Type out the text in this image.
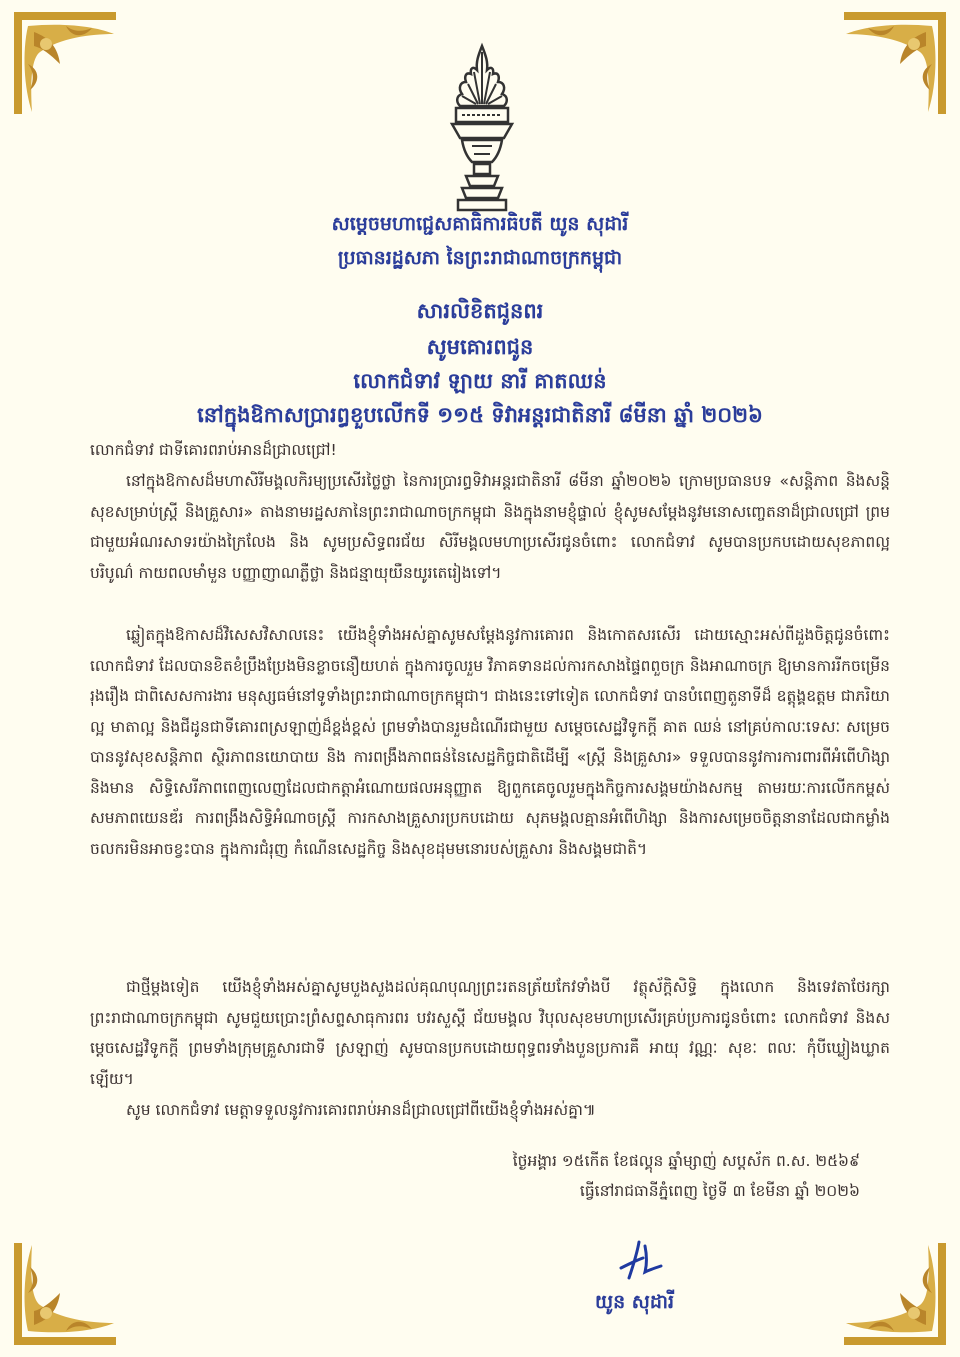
សម្តេចមហាជ្ជេសគាធិការធិបតី យូន សុដារី
ប្រធានរដ្ឋសភា នៃព្រះរាជាណាចក្រកម្ពុជា
សារលិខិតជូនពរ
សូមគោរពជូន
លោកជំទាវ ឡាយ នារី គាតឈន់
នៅក្នុងឱកាសប្រារព្ធខួបលើកទី ១១៥ ទិវាអន្តរជាតិនារី ៨មីនា ឆ្នាំ ២០២៦
លោកជំទាវ ជាទីគោរពរាប់អានដ៏ជ្រាលជ្រៅ!
នៅក្នុងឱកាសដ៏មហាសិរីមង្គលកិរម្យប្រសើរថ្លៃថ្លា នៃការប្រារព្ធទិវាអន្តរជាតិនារី ៨មីនា ឆ្នាំ២០២៦ ក្រោមប្រធានបទ «សន្តិភាព និងសន្តិសុខសម្រាប់ស្ត្រី និងគ្រួសារ» តាងនាមរដ្ឋសភានៃព្រះរាជាណាចក្រកម្ពុជា និងក្នុងនាមខ្ញុំផ្ទាល់ ខ្ញុំសូមសម្តែងនូវមនោសញ្ចេតនាដ៏ជ្រាលជ្រៅ ព្រមជាមួយអំណរសាទរយ៉ាងក្រៃលែង និង សូមប្រសិទ្ធពរជ័យ សិរីមង្គលមហាប្រសើរជូនចំពោះ លោកជំទាវ សូមបានប្រកបដោយសុខភាពល្អបរិបូណ៌ កាយពលមាំមួន បញ្ញាញាណភ្លឺថ្លា និងជន្មាយុយឺនយូរតេរៀងទៅ។
ឆ្លៀតក្នុងឱកាសដ៏វិសេសវិសាលនេះ យើងខ្ញុំទាំងអស់គ្នាសូមសម្តែងនូវការគោរព និងកោតសរសើរ ដោយស្មោះអស់ពីដួងចិត្តជូនចំពោះ លោកជំទាវ ដែលបានខិតខំប្រឹងប្រែងមិនខ្លាចនឿយហត់ ក្នុងការចូលរួម វិភាគទានដល់ការកសាងផ្ទៃពពួចក្រ និងអាណាចក្រ ឱ្យមានការរីកចម្រើនរុងរឿង ជាពិសេសការងារ មនុស្សធម៌នៅទូទាំងព្រះរាជាណាចក្រកម្ពុជា។ ជាងនេះទៅទៀត លោកជំទាវ បានបំពេញតួនាទីដ៏ ឧត្តុង្គឧត្តម ជាភរិយាល្អ មាតាល្អ និងជីដូនជាទីគោរពស្រឡាញ់ដ៏ខ្ពង់ខ្ពស់ ព្រមទាំងបានរួមដំណើរជាមួយ សម្តេចសេដ្ឋវិទូកក្តី គាត ឈន់ នៅគ្រប់កាលៈទេសៈ សម្រេចបាននូវសុខសន្តិភាព ស្ថិរភាពនយោបាយ និង ការពង្រឹងភាពធន់នៃសេដ្ឋកិច្ចជាតិដើម្បី «ស្ត្រី និងគ្រួសារ» ទទួលបាននូវការការពារពីអំពើហិង្សា និងមាន សិទ្ធិសេរីភាពពេញលេញដែលជាកត្តាអំណោយផលអនុញ្ញាត ឱ្យពួកគេចូលរួមក្នុងកិច្ចការសង្គមយ៉ាងសកម្ម តាមរយៈការលើកកម្ពស់សមភាពយេនឌ័រ ការពង្រឹងសិទ្ធិអំណាចស្ត្រី ការកសាងគ្រួសារប្រកបដោយ សុភមង្គលគ្មានអំពើហិង្សា និងការសម្រេចចិត្តនានាដែលជាកម្លាំងចលករមិនអាចខ្វះបាន ក្នុងការជំរុញ កំណើនសេដ្ឋកិច្ច និងសុខដុមមនោរបស់គ្រួសារ និងសង្គមជាតិ។
ជាថ្មីម្តងទៀត យើងខ្ញុំទាំងអស់គ្នាសូមបួងសួងដល់គុណបុណ្យព្រះរតនត្រ័យកែវទាំងបី វត្ថុស័ក្តិសិទ្ធិ ក្នុងលោក និងទេវតាថែរក្សាព្រះរាជាណាចក្រកម្ពុជា សូមជួយប្រោះព្រំសព្ទសាធុការពរ បវរសួស្តី ជ័យមង្គល វិបុលសុខមហាប្រសើរគ្រប់ប្រការជូនចំពោះ លោកជំទាវ និងសម្តេចសេដ្ឋវិទូកក្តី ព្រមទាំងក្រុមគ្រួសារជាទី ស្រឡាញ់ សូមបានប្រកបដោយពុទ្ធពរទាំងបួនប្រការគឺ អាយុ វណ្ណៈ សុខៈ ពលៈ កុំបីឃ្លៀងឃ្លាតឡើយ។
សូម លោកជំទាវ មេត្តាទទួលនូវការគោរពរាប់អានដ៏ជ្រាលជ្រៅពីយើងខ្ញុំទាំងអស់គ្នា៕
ថ្ងៃអង្គារ ១៥កើត ខែផល្គុន ឆ្នាំម្សាញ់ សប្តស័ក ព.ស. ២៥៦៩
ធ្វើនៅរាជធានីភ្នំពេញ ថ្ងៃទី ៣ ខែមីនា ឆ្នាំ ២០២៦
យូន សុដារី
